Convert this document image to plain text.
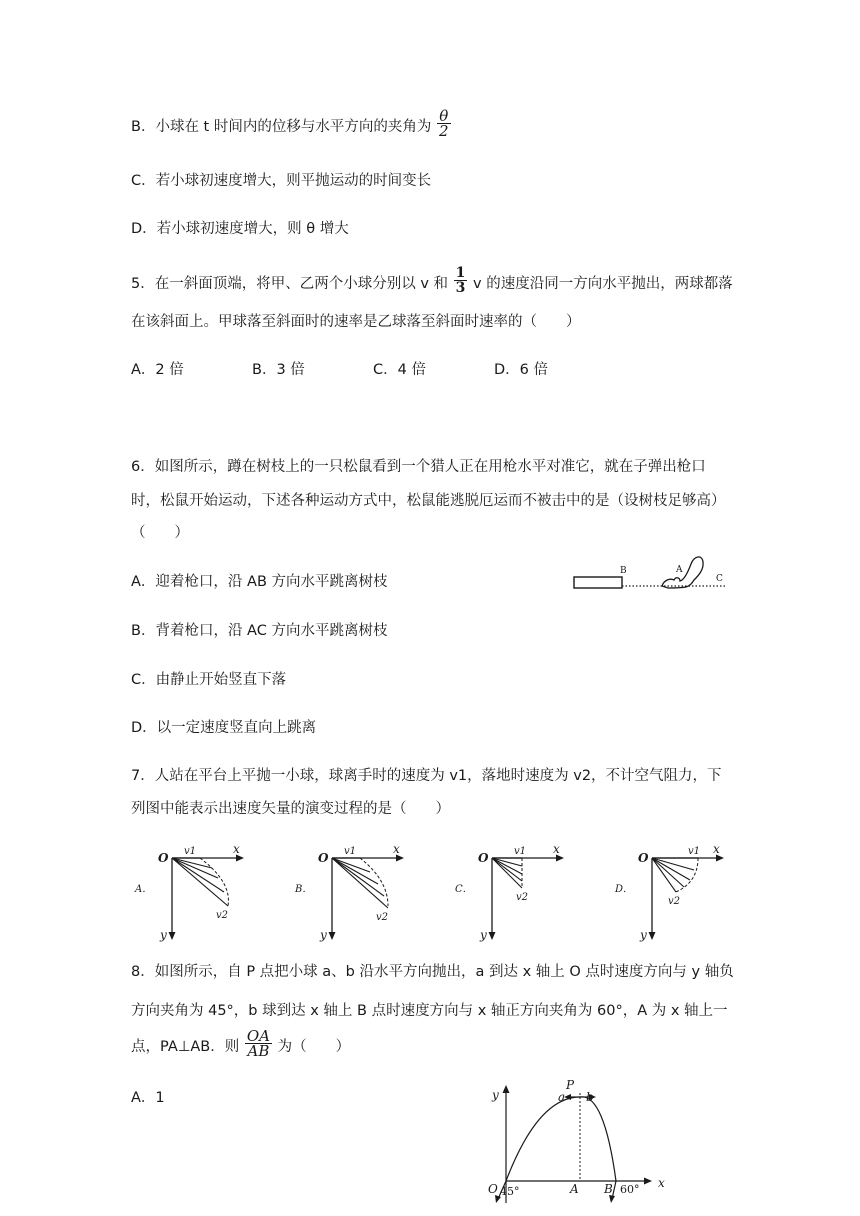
B．小球在 t 时间内的位移与水平方向的夹角为 $\frac{\theta}{2}$
C．若小球初速度增大，则平抛运动的时间变长
D．若小球初速度增大，则 θ 增大
5．在一斜面顶端，将甲、乙两个小球分别以 v 和 $\frac{1}{3}$ v 的速度沿同一方向水平抛出，两球都落
在该斜面上。甲球落至斜面时的速率是乙球落至斜面时速率的（　　）
A．2 倍	B．3 倍	C．4 倍	D．6 倍
6．如图所示，蹲在树枝上的一只松鼠看到一个猎人正在用枪水平对准它，就在子弹出枪口
时，松鼠开始运动，下述各种运动方式中，松鼠能逃脱厄运而不被击中的是（设树枝足够高）
（　　）
A．迎着枪口，沿 AB 方向水平跳离树枝
B．背着枪口，沿 AC 方向水平跳离树枝
C．由静止开始竖直下落
D．以一定速度竖直向上跳离
B	A
C
7．人站在平台上平抛一小球，球离手时的速度为 v1，落地时速度为 v2，不计空气阻力，下
列图中能表示出速度矢量的演变过程的是（　　）
A．
O
x
y
v1
v2
B．
O
x
y
v1
v2
C．
O
x
y
v1
v2
D．
O
x
y
v1
v2
8．如图所示，自 P 点把小球 a、b 沿水平方向抛出，a 到达 x 轴上 O 点时速度方向与 y 轴负
方向夹角为 45°，b 球到达 x 轴上 B 点时速度方向与 x 轴正方向夹角为 60°，A 为 x 轴上一
点，PA⊥AB．则 $\frac{OA}{AB}$ 为（　　）
A．1	y
x
P
a b
O 45°	A B 60°
